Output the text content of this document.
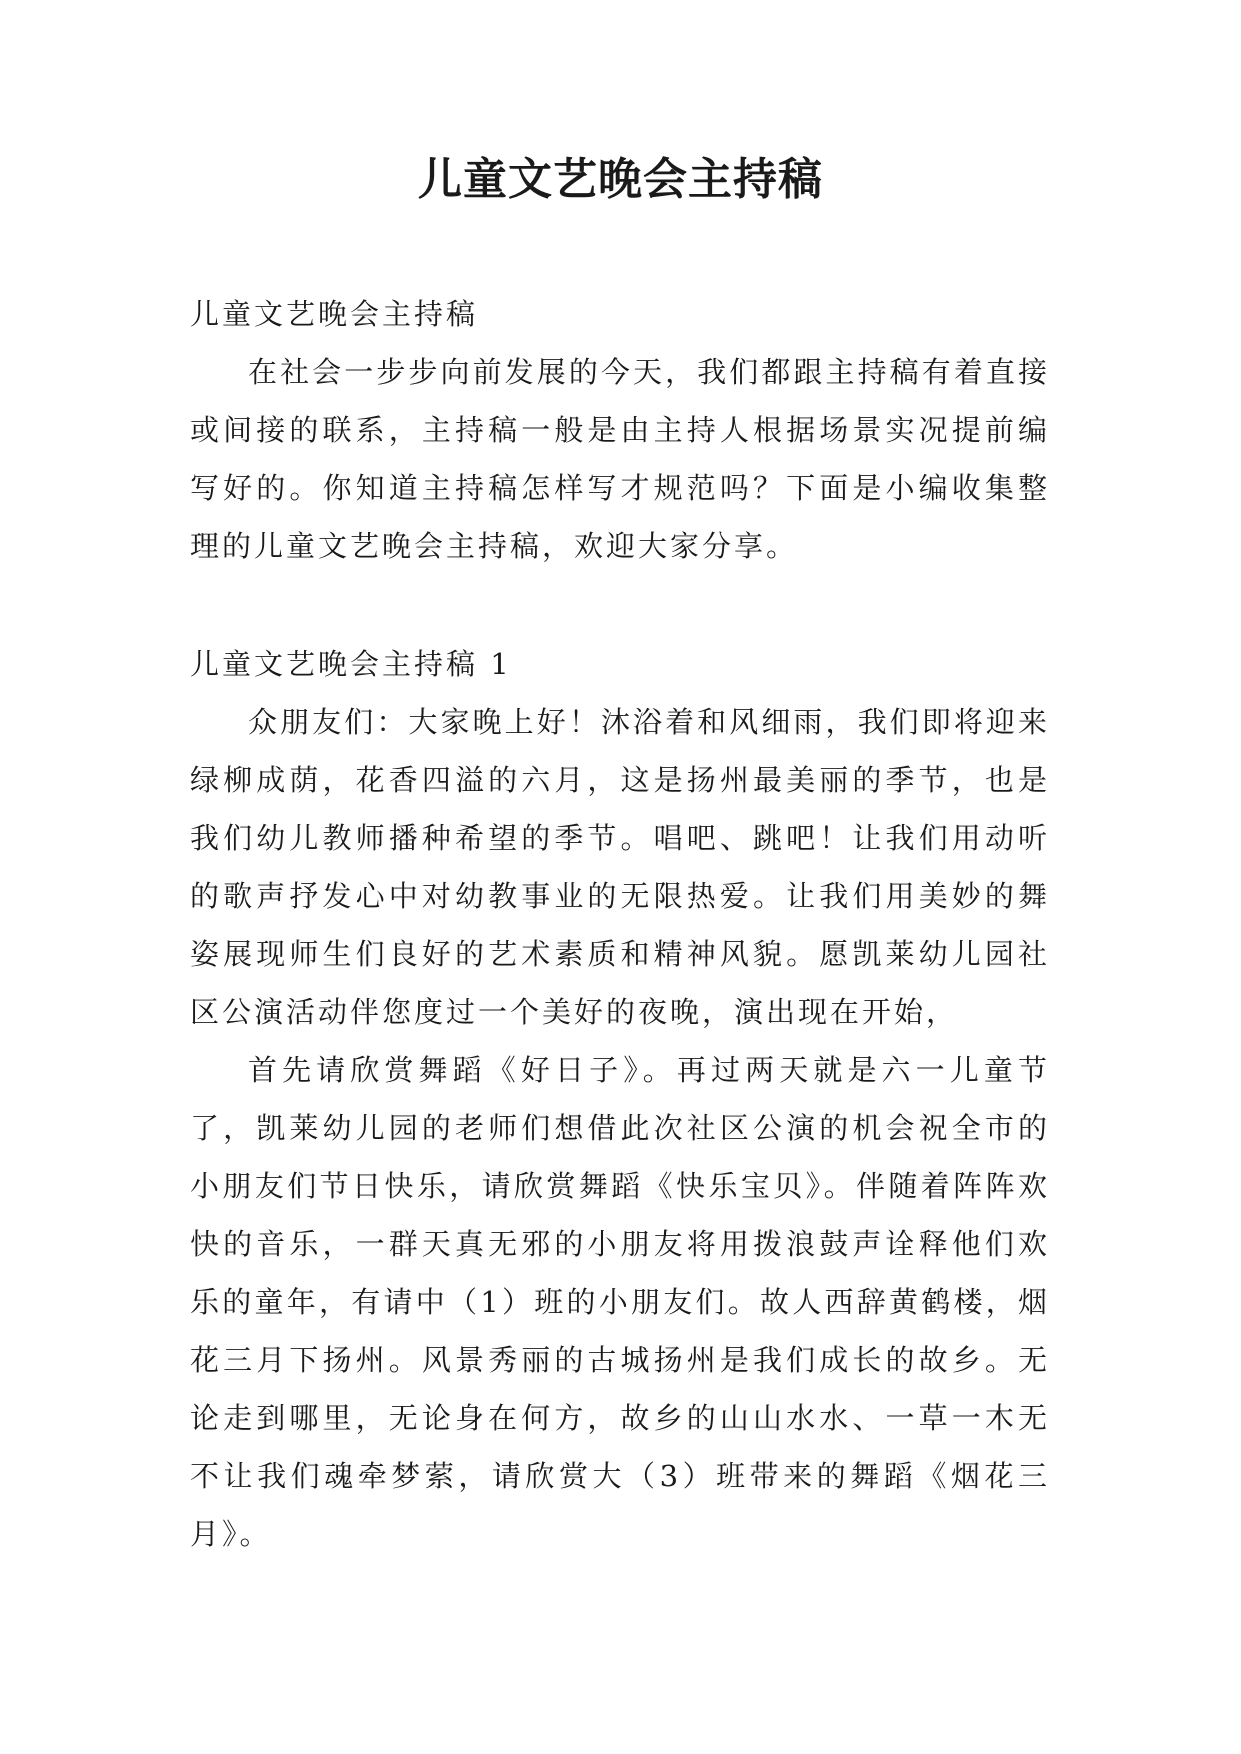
儿童文艺晚会主持稿

儿童文艺晚会主持稿

在社会一步步向前发展的今天，我们都跟主持稿有着直接或间接的联系，主持稿一般是由主持人根据场景实况提前编写好的。你知道主持稿怎样写才规范吗？下面是小编收集整理的儿童文艺晚会主持稿，欢迎大家分享。

儿童文艺晚会主持稿 1

众朋友们：大家晚上好！沐浴着和风细雨，我们即将迎来绿柳成荫，花香四溢的六月，这是扬州最美丽的季节，也是我们幼儿教师播种希望的季节。唱吧、跳吧！让我们用动听的歌声抒发心中对幼教事业的无限热爱。让我们用美妙的舞姿展现师生们良好的艺术素质和精神风貌。愿凯莱幼儿园社区公演活动伴您度过一个美好的夜晚，演出现在开始，

首先请欣赏舞蹈《好日子》。再过两天就是六一儿童节了，凯莱幼儿园的老师们想借此次社区公演的机会祝全市的小朋友们节日快乐，请欣赏舞蹈《快乐宝贝》。伴随着阵阵欢快的音乐，一群天真无邪的小朋友将用拨浪鼓声诠释他们欢乐的童年，有请中（1）班的小朋友们。故人西辞黄鹤楼，烟花三月下扬州。风景秀丽的古城扬州是我们成长的故乡。无论走到哪里，无论身在何方，故乡的山山水水、一草一木无不让我们魂牵梦萦，请欣赏大（3）班带来的舞蹈《烟花三月》。
